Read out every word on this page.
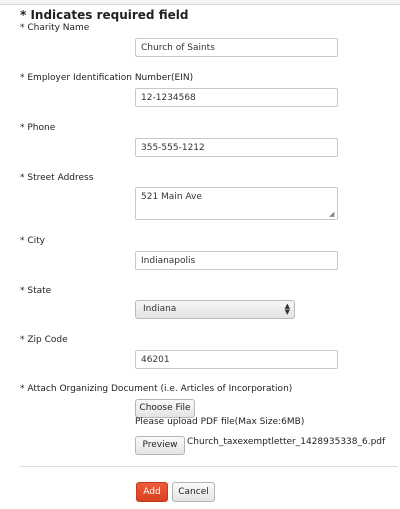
* Indicates required field
* Charity Name
Church of Saints
* Employer Identification Number(EIN)
12-1234568
* Phone
355-555-1212
* Street Address
521 Main Ave
◢
* City
Indianapolis
* State
Indiana	▲
▼
* Zip Code
46201
* Attach Organizing Document (i.e. Articles of Incorporation)
Choose File
Please upload PDF file(Max Size:6MB)
Preview	Church_taxexemptletter_1428935338_6.pdf
Add	Cancel
